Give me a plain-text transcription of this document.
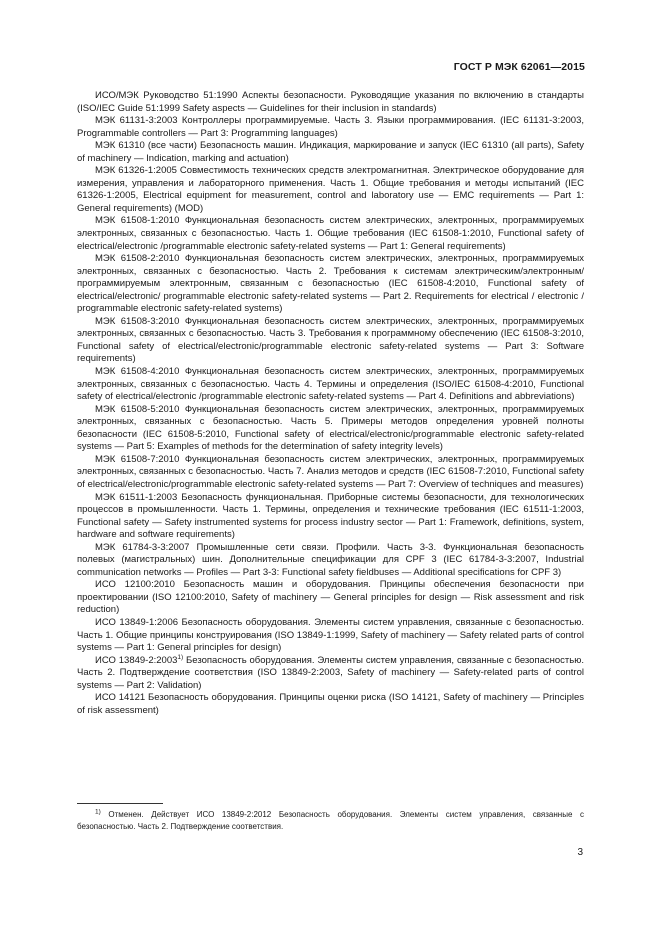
ГОСТ Р МЭК 62061—2015

ИСО/МЭК Руководство 51:1990 Аспекты безопасности. Руководящие указания по включению в стандарты (ISO/IEC Guide 51:1999 Safety aspects — Guidelines for their inclusion in standards)

МЭК 61131-3:2003 Контроллеры программируемые. Часть 3. Языки программирования. (IEC 61131-3:2003, Programmable controllers — Part 3: Programming languages)

МЭК 61310 (все части) Безопасность машин. Индикация, маркирование и запуск (IEC 61310 (all parts), Safety of machinery — Indication, marking and actuation)

МЭК 61326-1:2005 Совместимость технических средств электромагнитная. Электрическое оборудование для измерения, управления и лабораторного применения. Часть 1. Общие требования и методы испытаний (IEC 61326-1:2005, Electrical equipment for measurement, control and laboratory use — EMC requirements — Part 1: General requirements) (MOD)

МЭК 61508-1:2010 Функциональная безопасность систем электрических, электронных, программируемых электронных, связанных с безопасностью. Часть 1. Общие требования (IEC 61508-1:2010, Functional safety of electrical/electronic /programmable electronic safety-related systems — Part 1: General requirements)

МЭК 61508-2:2010 Функциональная безопасность систем электрических, электронных, программируемых электронных, связанных с безопасностью. Часть 2. Требования к системам электрическим/электронным/программируемым электронным, связанным с безопасностью (IEC 61508-4:2010, Functional safety of electrical/electronic/ programmable electronic safety-related systems — Part 2. Requirements for electrical / electronic / programmable electronic safety-related systems)

МЭК 61508-3:2010 Функциональная безопасность систем электрических, электронных, программируемых электронных, связанных с безопасностью. Часть 3. Требования к программному обеспечению (IEC 61508-3:2010, Functional safety of electrical/electronic/programmable electronic safety-related systems — Part 3: Software requirements)

МЭК 61508-4:2010 Функциональная безопасность систем электрических, электронных, программируемых электронных, связанных с безопасностью. Часть 4. Термины и определения (ISO/IEC 61508-4:2010, Functional safety of electrical/electronic /programmable electronic safety-related systems — Part 4. Definitions and abbreviations)

МЭК 61508-5:2010 Функциональная безопасность систем электрических, электронных, программируемых электронных, связанных с безопасностью. Часть 5. Примеры методов определения уровней полноты безопасности (IEC 61508-5:2010, Functional safety of electrical/electronic/programmable electronic safety-related systems — Part 5: Examples of methods for the determination of safety integrity levels)

МЭК 61508-7:2010 Функциональная безопасность систем электрических, электронных, программируемых электронных, связанных с безопасностью. Часть 7. Анализ методов и средств (IEC 61508-7:2010, Functional safety of electrical/electronic/programmable electronic safety-related systems — Part 7: Overview of techniques and measures)

МЭК 61511-1:2003 Безопасность функциональная. Приборные системы безопасности, для технологических процессов в промышленности. Часть 1. Термины, определения и технические требования (IEC 61511-1:2003, Functional safety — Safety instrumented systems for process industry sector — Part 1: Framework, definitions, system, hardware and software requirements)

МЭК 61784-3-3:2007 Промышленные сети связи. Профили. Часть 3-3. Функциональная безопасность полевых (магистральных) шин. Дополнительные спецификации для CPF 3 (IEC 61784-3-3:2007, Industrial communication networks — Profiles — Part 3-3: Functional safety fieldbuses — Additional specifications for CPF 3)

ИСО 12100:2010 Безопасность машин и оборудования. Принципы обеспечения безопасности при проектировании (ISO 12100:2010, Safety of machinery — General principles for design — Risk assessment and risk reduction)

ИСО 13849-1:2006 Безопасность оборудования. Элементы систем управления, связанные с безопасностью. Часть 1. Общие принципы конструирования (ISO 13849-1:1999, Safety of machinery — Safety related parts of control systems — Part 1: General principles for design)

ИСО 13849-2:2003$^{1)}$ Безопасность оборудования. Элементы систем управления, связанные с безопасностью. Часть 2. Подтверждение соответствия (ISO 13849-2:2003, Safety of machinery — Safety-related parts of control systems — Part 2: Validation)

ИСО 14121 Безопасность оборудования. Принципы оценки риска (ISO 14121, Safety of machinery — Principles of risk assessment)

$^{1)}$ Отменен. Действует ИСО 13849-2:2012 Безопасность оборудования. Элементы систем управления, связанные с безопасностью. Часть 2. Подтверждение соответствия.

3
